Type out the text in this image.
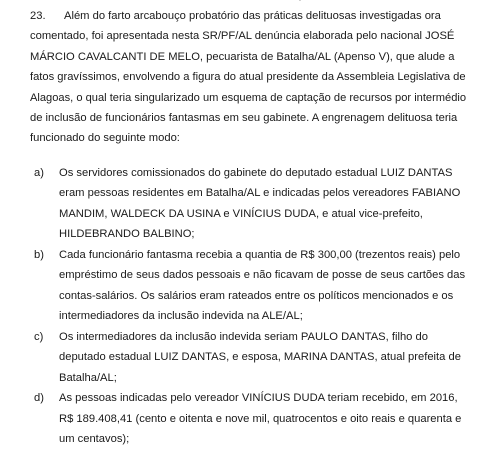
23. Além do farto arcabouço probatório das práticas delituosas investigadas ora
comentado, foi apresentada nesta SR/PF/AL denúncia elaborada pelo nacional JOSÉ
MÁRCIO CAVALCANTI DE MELO, pecuarista de Batalha/AL (Apenso V), que alude a
fatos gravíssimos, envolvendo a figura do atual presidente da Assembleia Legislativa de
Alagoas, o qual teria singularizado um esquema de captação de recursos por intermédio
de inclusão de funcionários fantasmas em seu gabinete. A engrenagem delituosa teria
funcionado do seguinte modo:
a) Os servidores comissionados do gabinete do deputado estadual LUIZ DANTAS
eram pessoas residentes em Batalha/AL e indicadas pelos vereadores FABIANO
MANDIM, WALDECK DA USINA e VINÍCIUS DUDA, e atual vice-prefeito,
HILDEBRANDO BALBINO;
b) Cada funcionário fantasma recebia a quantia de R$ 300,00 (trezentos reais) pelo
empréstimo de seus dados pessoais e não ficavam de posse de seus cartões das
contas-salários. Os salários eram rateados entre os políticos mencionados e os
intermediadores da inclusão indevida na ALE/AL;
c) Os intermediadores da inclusão indevida seriam PAULO DANTAS, filho do
deputado estadual LUIZ DANTAS, e esposa, MARINA DANTAS, atual prefeita de
Batalha/AL;
d) As pessoas indicadas pelo vereador VINÍCIUS DUDA teriam recebido, em 2016,
R$ 189.408,41 (cento e oitenta e nove mil, quatrocentos e oito reais e quarenta e
um centavos);
